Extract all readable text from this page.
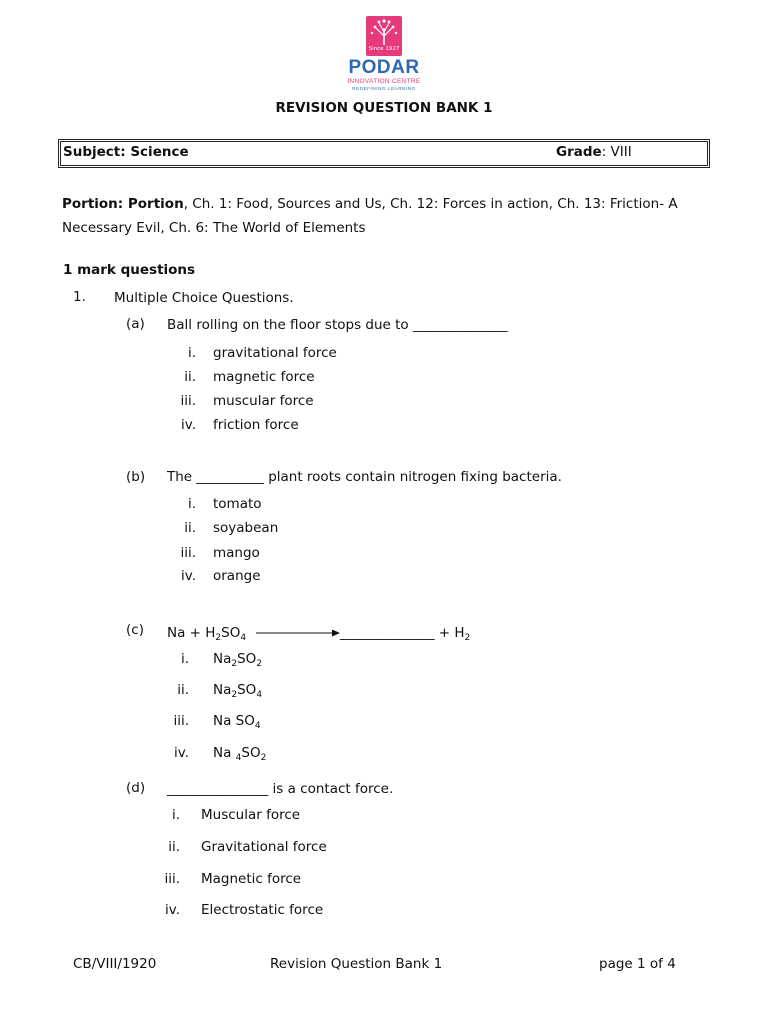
Since 1927
PODAR
INNOVATION CENTRE
REDEFINING LEARNING
REVISION QUESTION BANK 1
Subject: Science	Grade: VIII
Portion: Portion, Ch. 1: Food, Sources and Us, Ch. 12: Forces in action, Ch. 13: Friction- A Necessary Evil, Ch. 6: The World of Elements
1 mark questions
1. Multiple Choice Questions.
(a) Ball rolling on the floor stops due to ______________
i. gravitational force
ii. magnetic force
iii. muscular force
iv. friction force
(b) The __________ plant roots contain nitrogen fixing bacteria.
i. tomato
ii. soyabean
iii. mango
iv. orange
(c) $Na + H_2SO_4$	______________ + $H_2$
i. $Na_2SO_2$
ii. $Na_2SO_4$
iii. Na $SO_4$
iv. Na $_4SO_2$
(d) _______________ is a contact force.
i. Muscular force
ii. Gravitational force
iii. Magnetic force
iv. Electrostatic force
CB/VIII/1920	Revision Question Bank 1	page 1 of 4
